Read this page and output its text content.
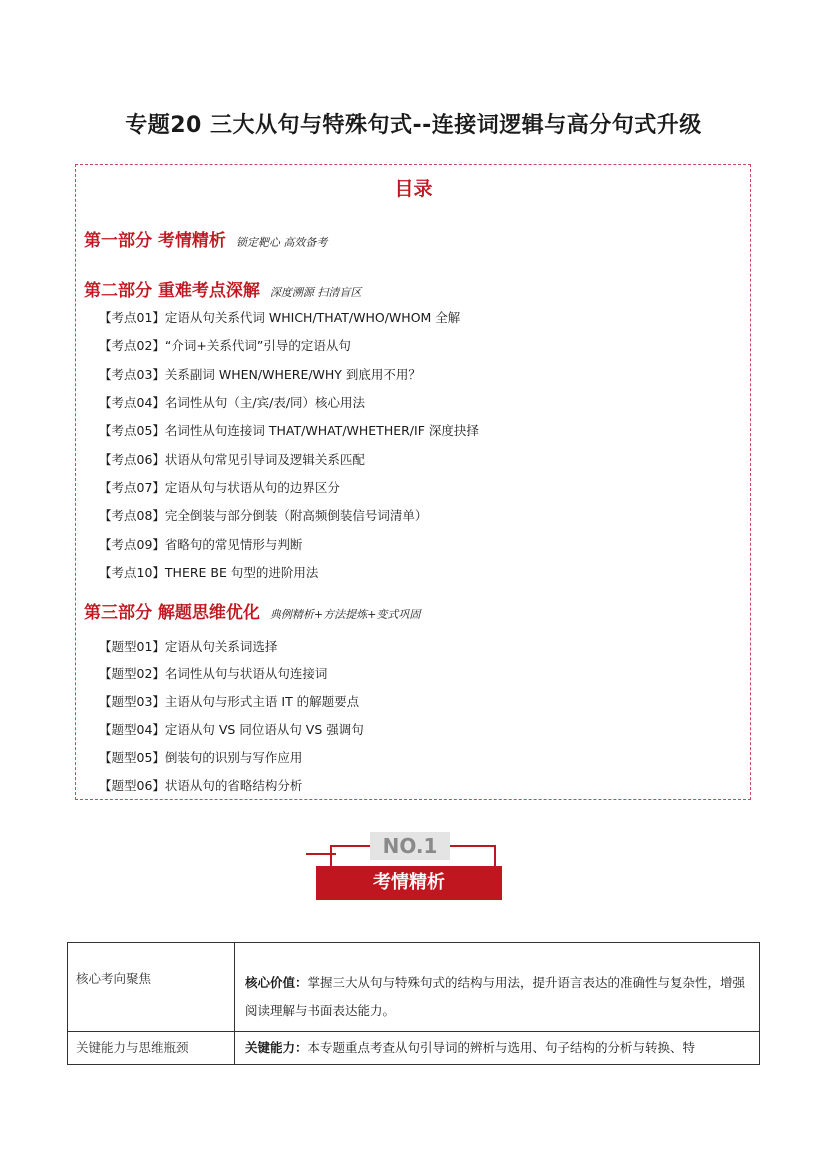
专题20 三大从句与特殊句式--连接词逻辑与高分句式升级
目录
第一部分 考情精析 锁定靶心 高效备考
第二部分 重难考点深解 深度溯源 扫清盲区
【考点01】定语从句关系代词 WHICH/THAT/WHO/WHOM 全解
【考点02】“介词+关系代词”引导的定语从句
【考点03】关系副词 WHEN/WHERE/WHY 到底用不用？
【考点04】名词性从句（主/宾/表/同）核心用法
【考点05】名词性从句连接词 THAT/WHAT/WHETHER/IF 深度抉择
【考点06】状语从句常见引导词及逻辑关系匹配
【考点07】定语从句与状语从句的边界区分
【考点08】完全倒装与部分倒装（附高频倒装信号词清单）
【考点09】省略句的常见情形与判断
【考点10】THERE BE 句型的进阶用法
第三部分 解题思维优化 典例精析+方法提炼+变式巩固
【题型01】定语从句关系词选择
【题型02】名词性从句与状语从句连接词
【题型03】主语从句与形式主语 IT 的解题要点
【题型04】定语从句 VS 同位语从句 VS 强调句
【题型05】倒装句的识别与写作应用
【题型06】状语从句的省略结构分析
NO.1
考情精析
核心考向聚焦	核心价值：掌握三大从句与特殊句式的结构与用法，提升语言表达的准确性与复杂性，增强阅读理解与书面表达能力。
关键能力与思维瓶颈	关键能力：本专题重点考查从句引导词的辨析与选用、句子结构的分析与转换、特
